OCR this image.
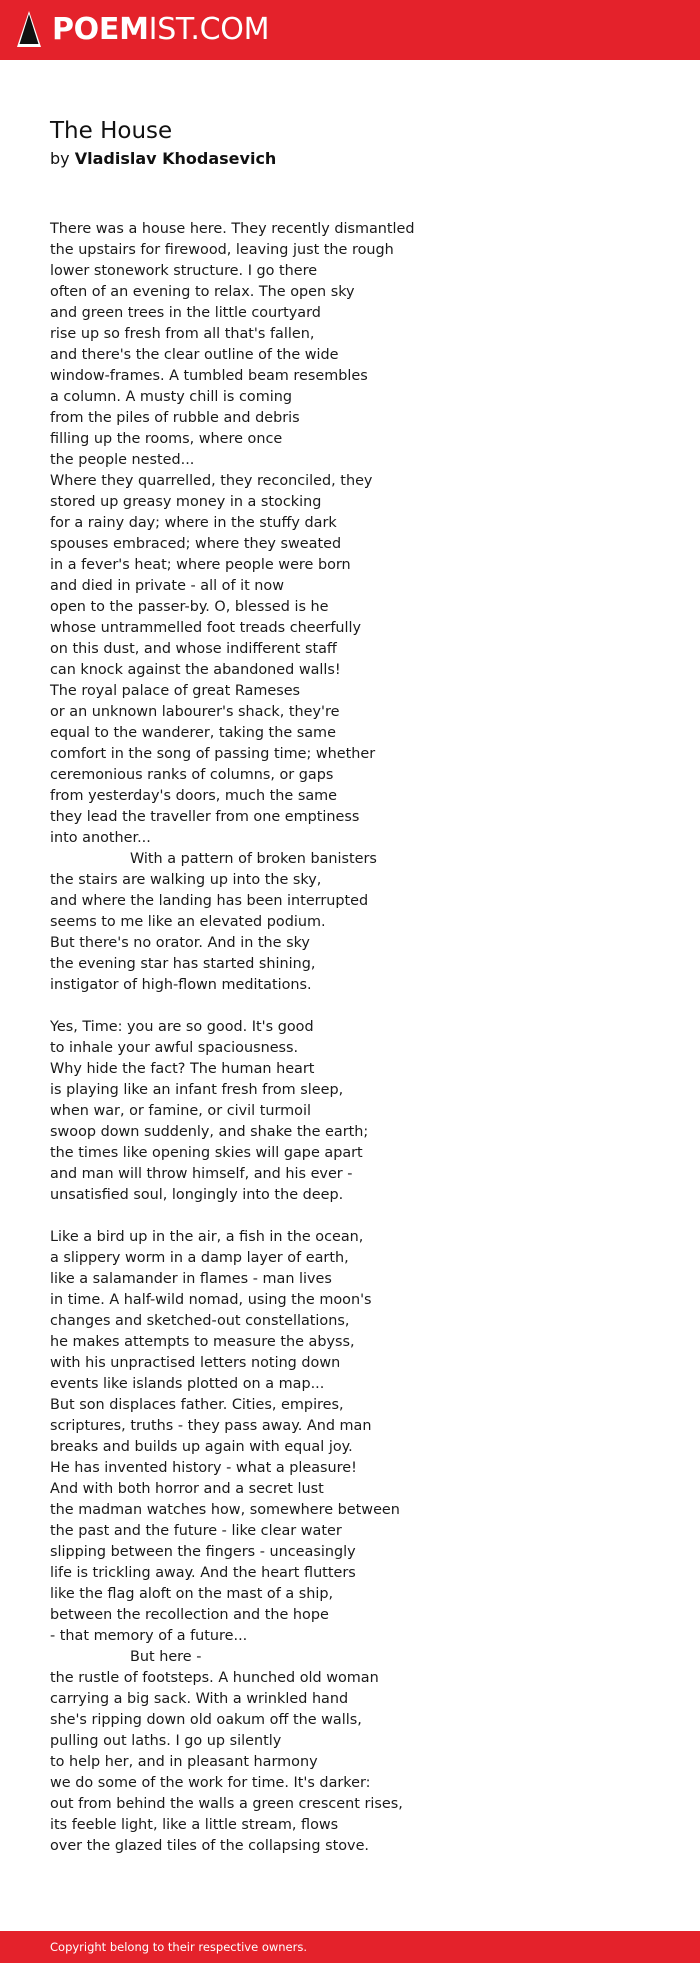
POEMIST.COM
The House
by Vladislav Khodasevich
There was a house here. They recently dismantled
the upstairs for firewood, leaving just the rough
lower stonework structure. I go there
often of an evening to relax. The open sky
and green trees in the little courtyard
rise up so fresh from all that's fallen,
and there's the clear outline of the wide
window-frames. A tumbled beam resembles
a column. A musty chill is coming
from the piles of rubble and debris
filling up the rooms, where once
the people nested...
Where they quarrelled, they reconciled, they
stored up greasy money in a stocking
for a rainy day; where in the stuffy dark
spouses embraced; where they sweated
in a fever's heat; where people were born
and died in private - all of it now
open to the passer-by. O, blessed is he
whose untrammelled foot treads cheerfully
on this dust, and whose indifferent staff
can knock against the abandoned walls!
The royal palace of great Rameses
or an unknown labourer's shack, they're
equal to the wanderer, taking the same
comfort in the song of passing time; whether
ceremonious ranks of columns, or gaps
from yesterday's doors, much the same
they lead the traveller from one emptiness
into another...
With a pattern of broken banisters
the stairs are walking up into the sky,
and where the landing has been interrupted
seems to me like an elevated podium.
But there's no orator. And in the sky
the evening star has started shining,
instigator of high-flown meditations.
Yes, Time: you are so good. It's good
to inhale your awful spaciousness.
Why hide the fact? The human heart
is playing like an infant fresh from sleep,
when war, or famine, or civil turmoil
swoop down suddenly, and shake the earth;
the times like opening skies will gape apart
and man will throw himself, and his ever -
unsatisfied soul, longingly into the deep.
Like a bird up in the air, a fish in the ocean,
a slippery worm in a damp layer of earth,
like a salamander in flames - man lives
in time. A half-wild nomad, using the moon's
changes and sketched-out constellations,
he makes attempts to measure the abyss,
with his unpractised letters noting down
events like islands plotted on a map...
But son displaces father. Cities, empires,
scriptures, truths - they pass away. And man
breaks and builds up again with equal joy.
He has invented history - what a pleasure!
And with both horror and a secret lust
the madman watches how, somewhere between
the past and the future - like clear water
slipping between the fingers - unceasingly
life is trickling away. And the heart flutters
like the flag aloft on the mast of a ship,
between the recollection and the hope
- that memory of a future...
But here -
the rustle of footsteps. A hunched old woman
carrying a big sack. With a wrinkled hand
she's ripping down old oakum off the walls,
pulling out laths. I go up silently
to help her, and in pleasant harmony
we do some of the work for time. It's darker:
out from behind the walls a green crescent rises,
its feeble light, like a little stream, flows
over the glazed tiles of the collapsing stove.
Copyright belong to their respective owners.
